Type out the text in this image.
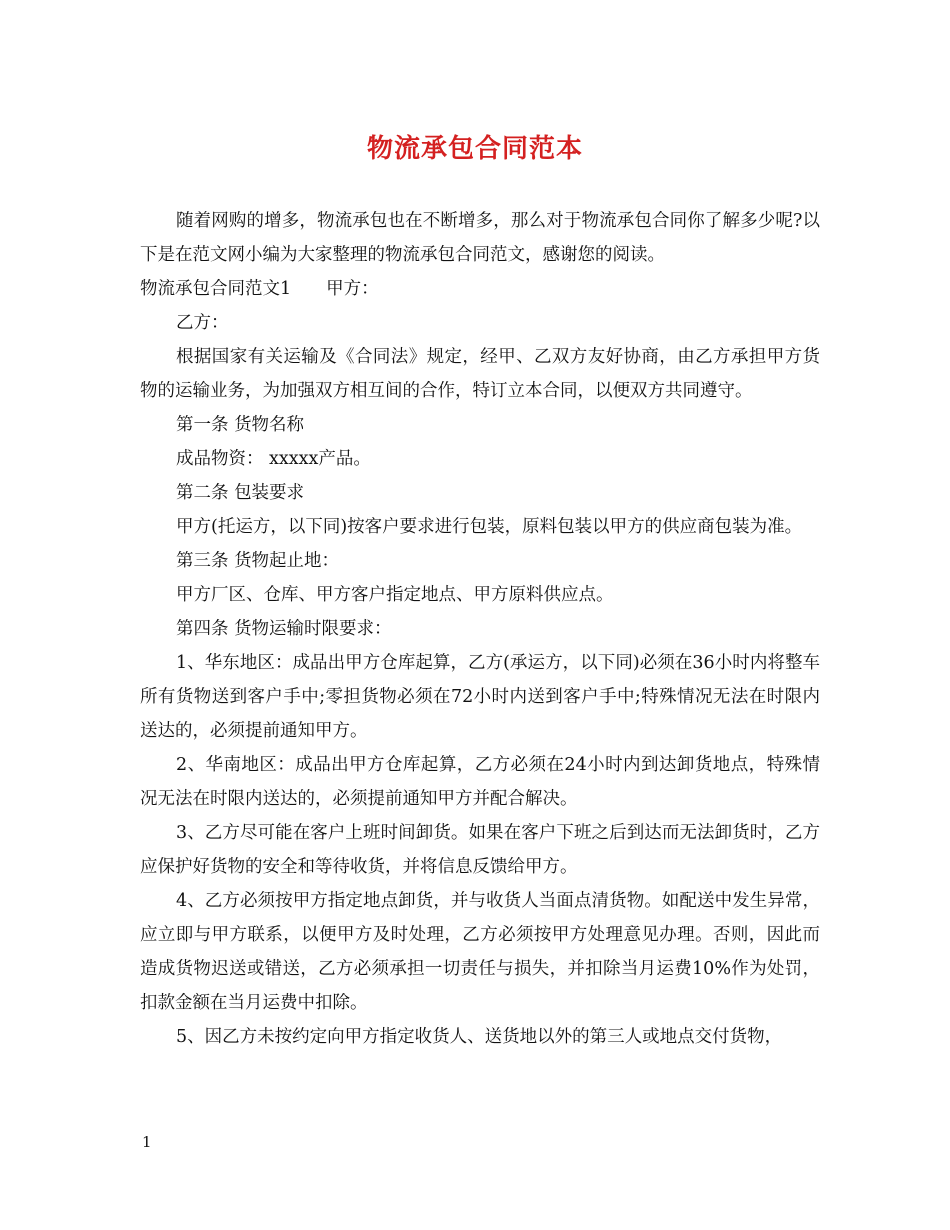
物流承包合同范本

随着网购的增多，物流承包也在不断增多，那么对于物流承包合同你了解多少呢?以下是在范文网小编为大家整理的物流承包合同范文，感谢您的阅读。

物流承包合同范文1　　甲方：

乙方：

根据国家有关运输及《合同法》规定，经甲、乙双方友好协商，由乙方承担甲方货物的运输业务，为加强双方相互间的合作，特订立本合同，以便双方共同遵守。

第一条 货物名称

成品物资： xxxxx产品。

第二条 包装要求

甲方(托运方，以下同)按客户要求进行包装，原料包装以甲方的供应商包装为准。

第三条 货物起止地：

甲方厂区、仓库、甲方客户指定地点、甲方原料供应点。

第四条 货物运输时限要求：

1、华东地区：成品出甲方仓库起算，乙方(承运方，以下同)必须在36小时内将整车所有货物送到客户手中;零担货物必须在72小时内送到客户手中;特殊情况无法在时限内送达的，必须提前通知甲方。

2、华南地区：成品出甲方仓库起算，乙方必须在24小时内到达卸货地点，特殊情况无法在时限内送达的，必须提前通知甲方并配合解决。

3、乙方尽可能在客户上班时间卸货。如果在客户下班之后到达而无法卸货时，乙方应保护好货物的安全和等待收货，并将信息反馈给甲方。

4、乙方必须按甲方指定地点卸货，并与收货人当面点清货物。如配送中发生异常，应立即与甲方联系，以便甲方及时处理，乙方必须按甲方处理意见办理。否则，因此而造成货物迟送或错送，乙方必须承担一切责任与损失，并扣除当月运费10%作为处罚，扣款金额在当月运费中扣除。

5、因乙方未按约定向甲方指定收货人、送货地以外的第三人或地点交付货物，

1
